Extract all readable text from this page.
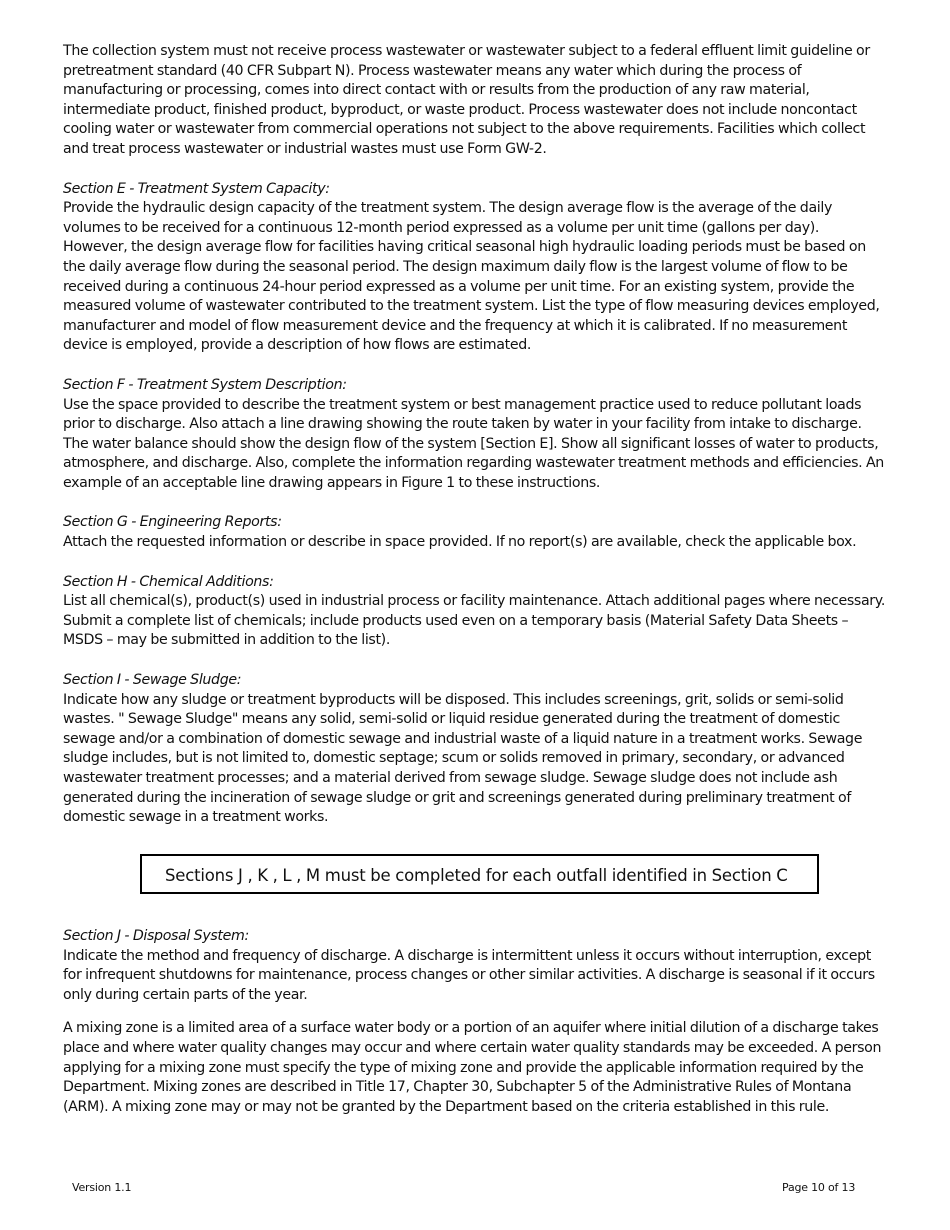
The collection system must not receive process wastewater or wastewater subject to a federal effluent limit guideline or pretreatment standard (40 CFR Subpart N). Process wastewater means any water which during the process of manufacturing or processing, comes into direct contact with or results from the production of any raw material, intermediate product, finished product, byproduct, or waste product. Process wastewater does not include noncontact cooling water or wastewater from commercial operations not subject to the above requirements. Facilities which collect and treat process wastewater or industrial wastes must use Form GW-2.

Section E - Treatment System Capacity:

Provide the hydraulic design capacity of the treatment system. The design average flow is the average of the daily volumes to be received for a continuous 12-month period expressed as a volume per unit time (gallons per day). However, the design average flow for facilities having critical seasonal high hydraulic loading periods must be based on the daily average flow during the seasonal period. The design maximum daily flow is the largest volume of flow to be received during a continuous 24-hour period expressed as a volume per unit time. For an existing system, provide the measured volume of wastewater contributed to the treatment system. List the type of flow measuring devices employed, manufacturer and model of flow measurement device and the frequency at which it is calibrated. If no measurement device is employed, provide a description of how flows are estimated.

Section F - Treatment System Description:

Use the space provided to describe the treatment system or best management practice used to reduce pollutant loads prior to discharge. Also attach a line drawing showing the route taken by water in your facility from intake to discharge. The water balance should show the design flow of the system [Section E]. Show all significant losses of water to products, atmosphere, and discharge. Also, complete the information regarding wastewater treatment methods and efficiencies. An example of an acceptable line drawing appears in Figure 1 to these instructions.

Section G - Engineering Reports:

Attach the requested information or describe in space provided. If no report(s) are available, check the applicable box.

Section H - Chemical Additions:

List all chemical(s), product(s) used in industrial process or facility maintenance. Attach additional pages where necessary. Submit a complete list of chemicals; include products used even on a temporary basis (Material Safety Data Sheets – MSDS – may be submitted in addition to the list).

Section I - Sewage Sludge:

Indicate how any sludge or treatment byproducts will be disposed. This includes screenings, grit, solids or semi-solid wastes. " Sewage Sludge" means any solid, semi-solid or liquid residue generated during the treatment of domestic sewage and/or a combination of domestic sewage and industrial waste of a liquid nature in a treatment works. Sewage sludge includes, but is not limited to, domestic septage; scum or solids removed in primary, secondary, or advanced wastewater treatment processes; and a material derived from sewage sludge. Sewage sludge does not include ash generated during the incineration of sewage sludge or grit and screenings generated during preliminary treatment of domestic sewage in a treatment works.

Sections J , K , L , M must be completed for each outfall identified in Section C
Section J - Disposal System:

Indicate the method and frequency of discharge. A discharge is intermittent unless it occurs without interruption, except for infrequent shutdowns for maintenance, process changes or other similar activities. A discharge is seasonal if it occurs only during certain parts of the year.

A mixing zone is a limited area of a surface water body or a portion of an aquifer where initial dilution of a discharge takes place and where water quality changes may occur and where certain water quality standards may be exceeded. A person applying for a mixing zone must specify the type of mixing zone and provide the applicable information required by the Department. Mixing zones are described in Title 17, Chapter 30, Subchapter 5 of the Administrative Rules of Montana (ARM). A mixing zone may or may not be granted by the Department based on the criteria established in this rule.

Version 1.1	Page 10 of 13
